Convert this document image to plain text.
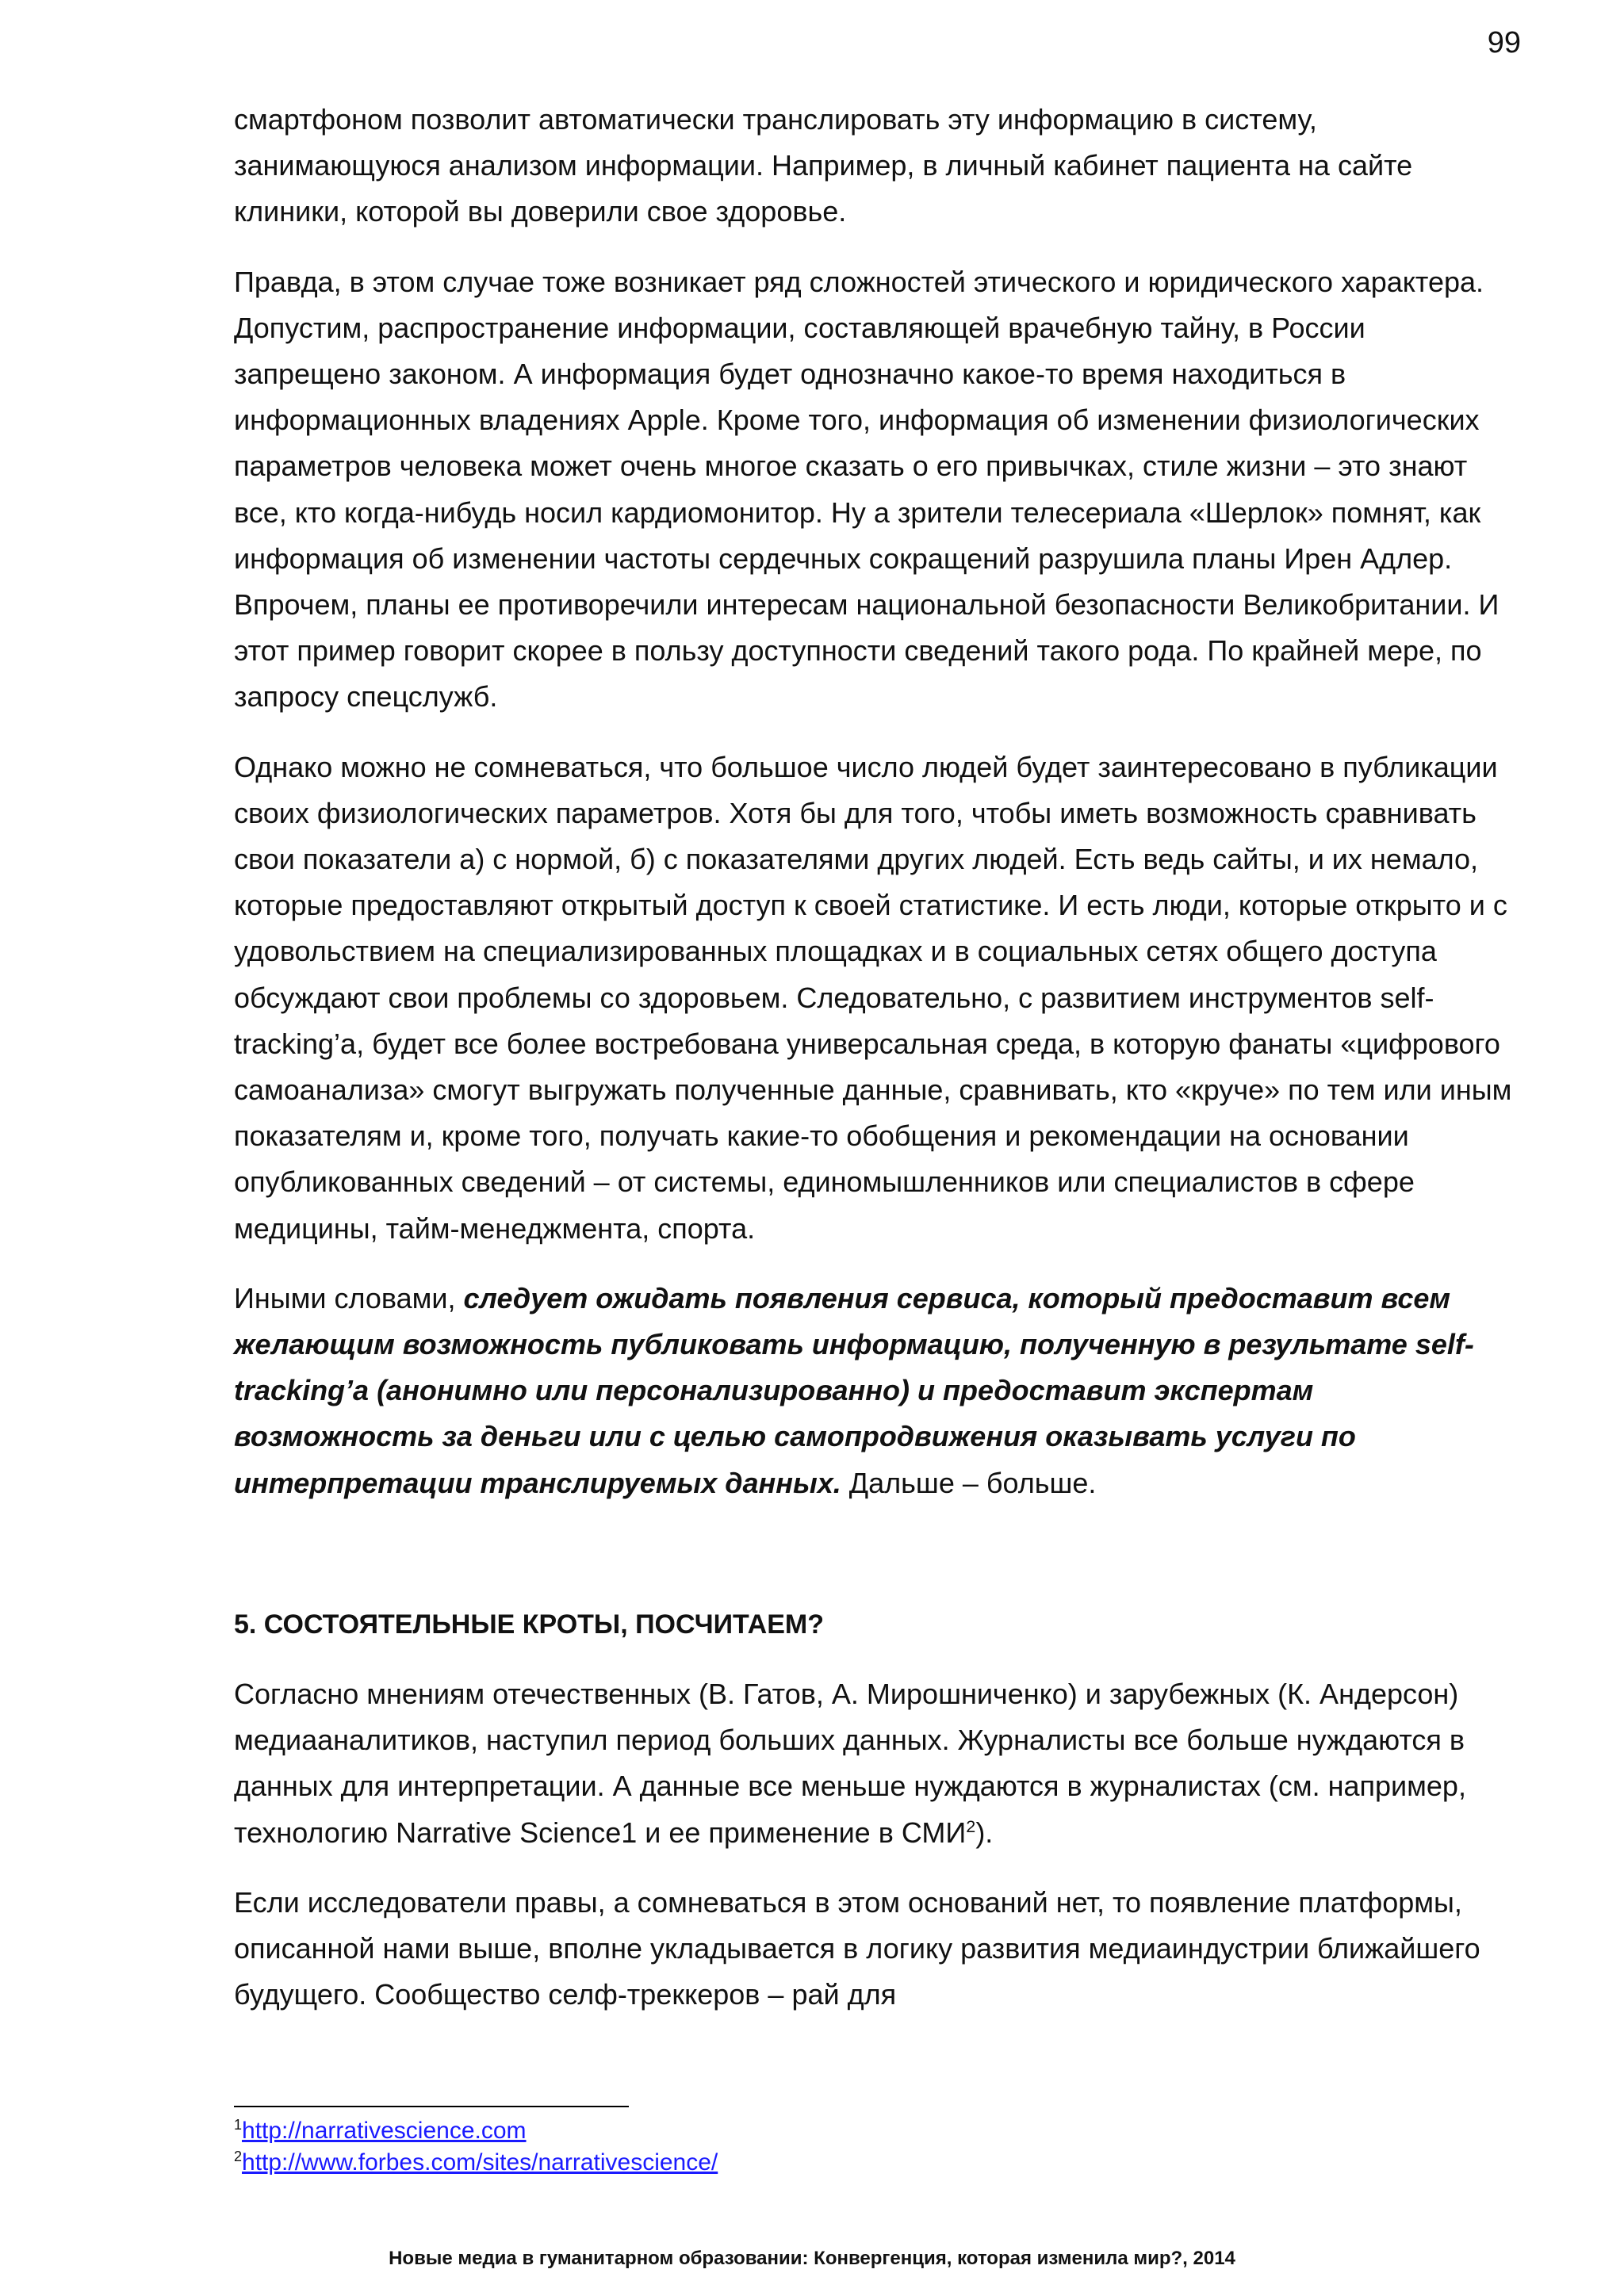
99

смартфоном позволит автоматически транслировать эту информацию в систему, занимающуюся анализом информации. Например, в личный кабинет пациента на сайте клиники, которой вы доверили свое здоровье.

Правда, в этом случае тоже возникает ряд сложностей этического и юридического характера. Допустим, распространение информации, составляющей врачебную тайну, в России запрещено законом. А информация будет однозначно какое-то время находиться в информационных владениях Apple. Кроме того, информация об изменении физиологических параметров человека может очень многое сказать о его привычках, стиле жизни – это знают все, кто когда-нибудь носил кардиомонитор. Ну а зрители телесериала «Шерлок» помнят, как информация об изменении частоты сердечных сокращений разрушила планы Ирен Адлер. Впрочем, планы ее противоречили интересам национальной безопасности Великобритании. И этот пример говорит скорее в пользу доступности сведений такого рода. По крайней мере, по запросу спецслужб.

Однако можно не сомневаться, что большое число людей будет заинтересовано в публикации своих физиологических параметров. Хотя бы для того, чтобы иметь возможность сравнивать свои показатели а) с нормой, б) с показателями других людей. Есть ведь сайты, и их немало, которые предоставляют открытый доступ к своей статистике. И есть люди, которые открыто и с удовольствием на специализированных площадках и в социальных сетях общего доступа обсуждают свои проблемы со здоровьем. Следовательно, с развитием инструментов self-tracking’а, будет все более востребована универсальная среда, в которую фанаты «цифрового самоанализа» смогут выгружать полученные данные, сравнивать, кто «круче» по тем или иным показателям и, кроме того, получать какие-то обобщения и рекомендации на основании опубликованных сведений – от системы, единомышленников или специалистов в сфере медицины, тайм-менеджмента, спорта.

Иными словами, следует ожидать появления сервиса, который предоставит всем желающим возможность публиковать информацию, полученную в результате self-tracking’а (анонимно или персонализированно) и предоставит экспертам возможность за деньги или с целью самопродвижения оказывать услуги по интерпретации транслируемых данных. Дальше – больше.

5. СОСТОЯТЕЛЬНЫЕ КРОТЫ, ПОСЧИТАЕМ?

Согласно мнениям отечественных (В. Гатов, А. Мирошниченко) и зарубежных (К. Андерсон) медиааналитиков, наступил период больших данных. Журналисты все больше нуждаются в данных для интерпретации. А данные все меньше нуждаются в журналистах (см. например, технологию Narrative Science1 и ее применение в СМИ$^2$).

Если исследователи правы, а сомневаться в этом оснований нет, то появление платформы, описанной нами выше, вполне укладывается в логику развития медиаиндустрии ближайшего будущего. Сообщество селф-треккеров – рай для

$^1$http://narrativescience.com
$^2$http://www.forbes.com/sites/narrativescience/
Новые медиа в гуманитарном образовании: Конвергенция, которая изменила мир?, 2014
